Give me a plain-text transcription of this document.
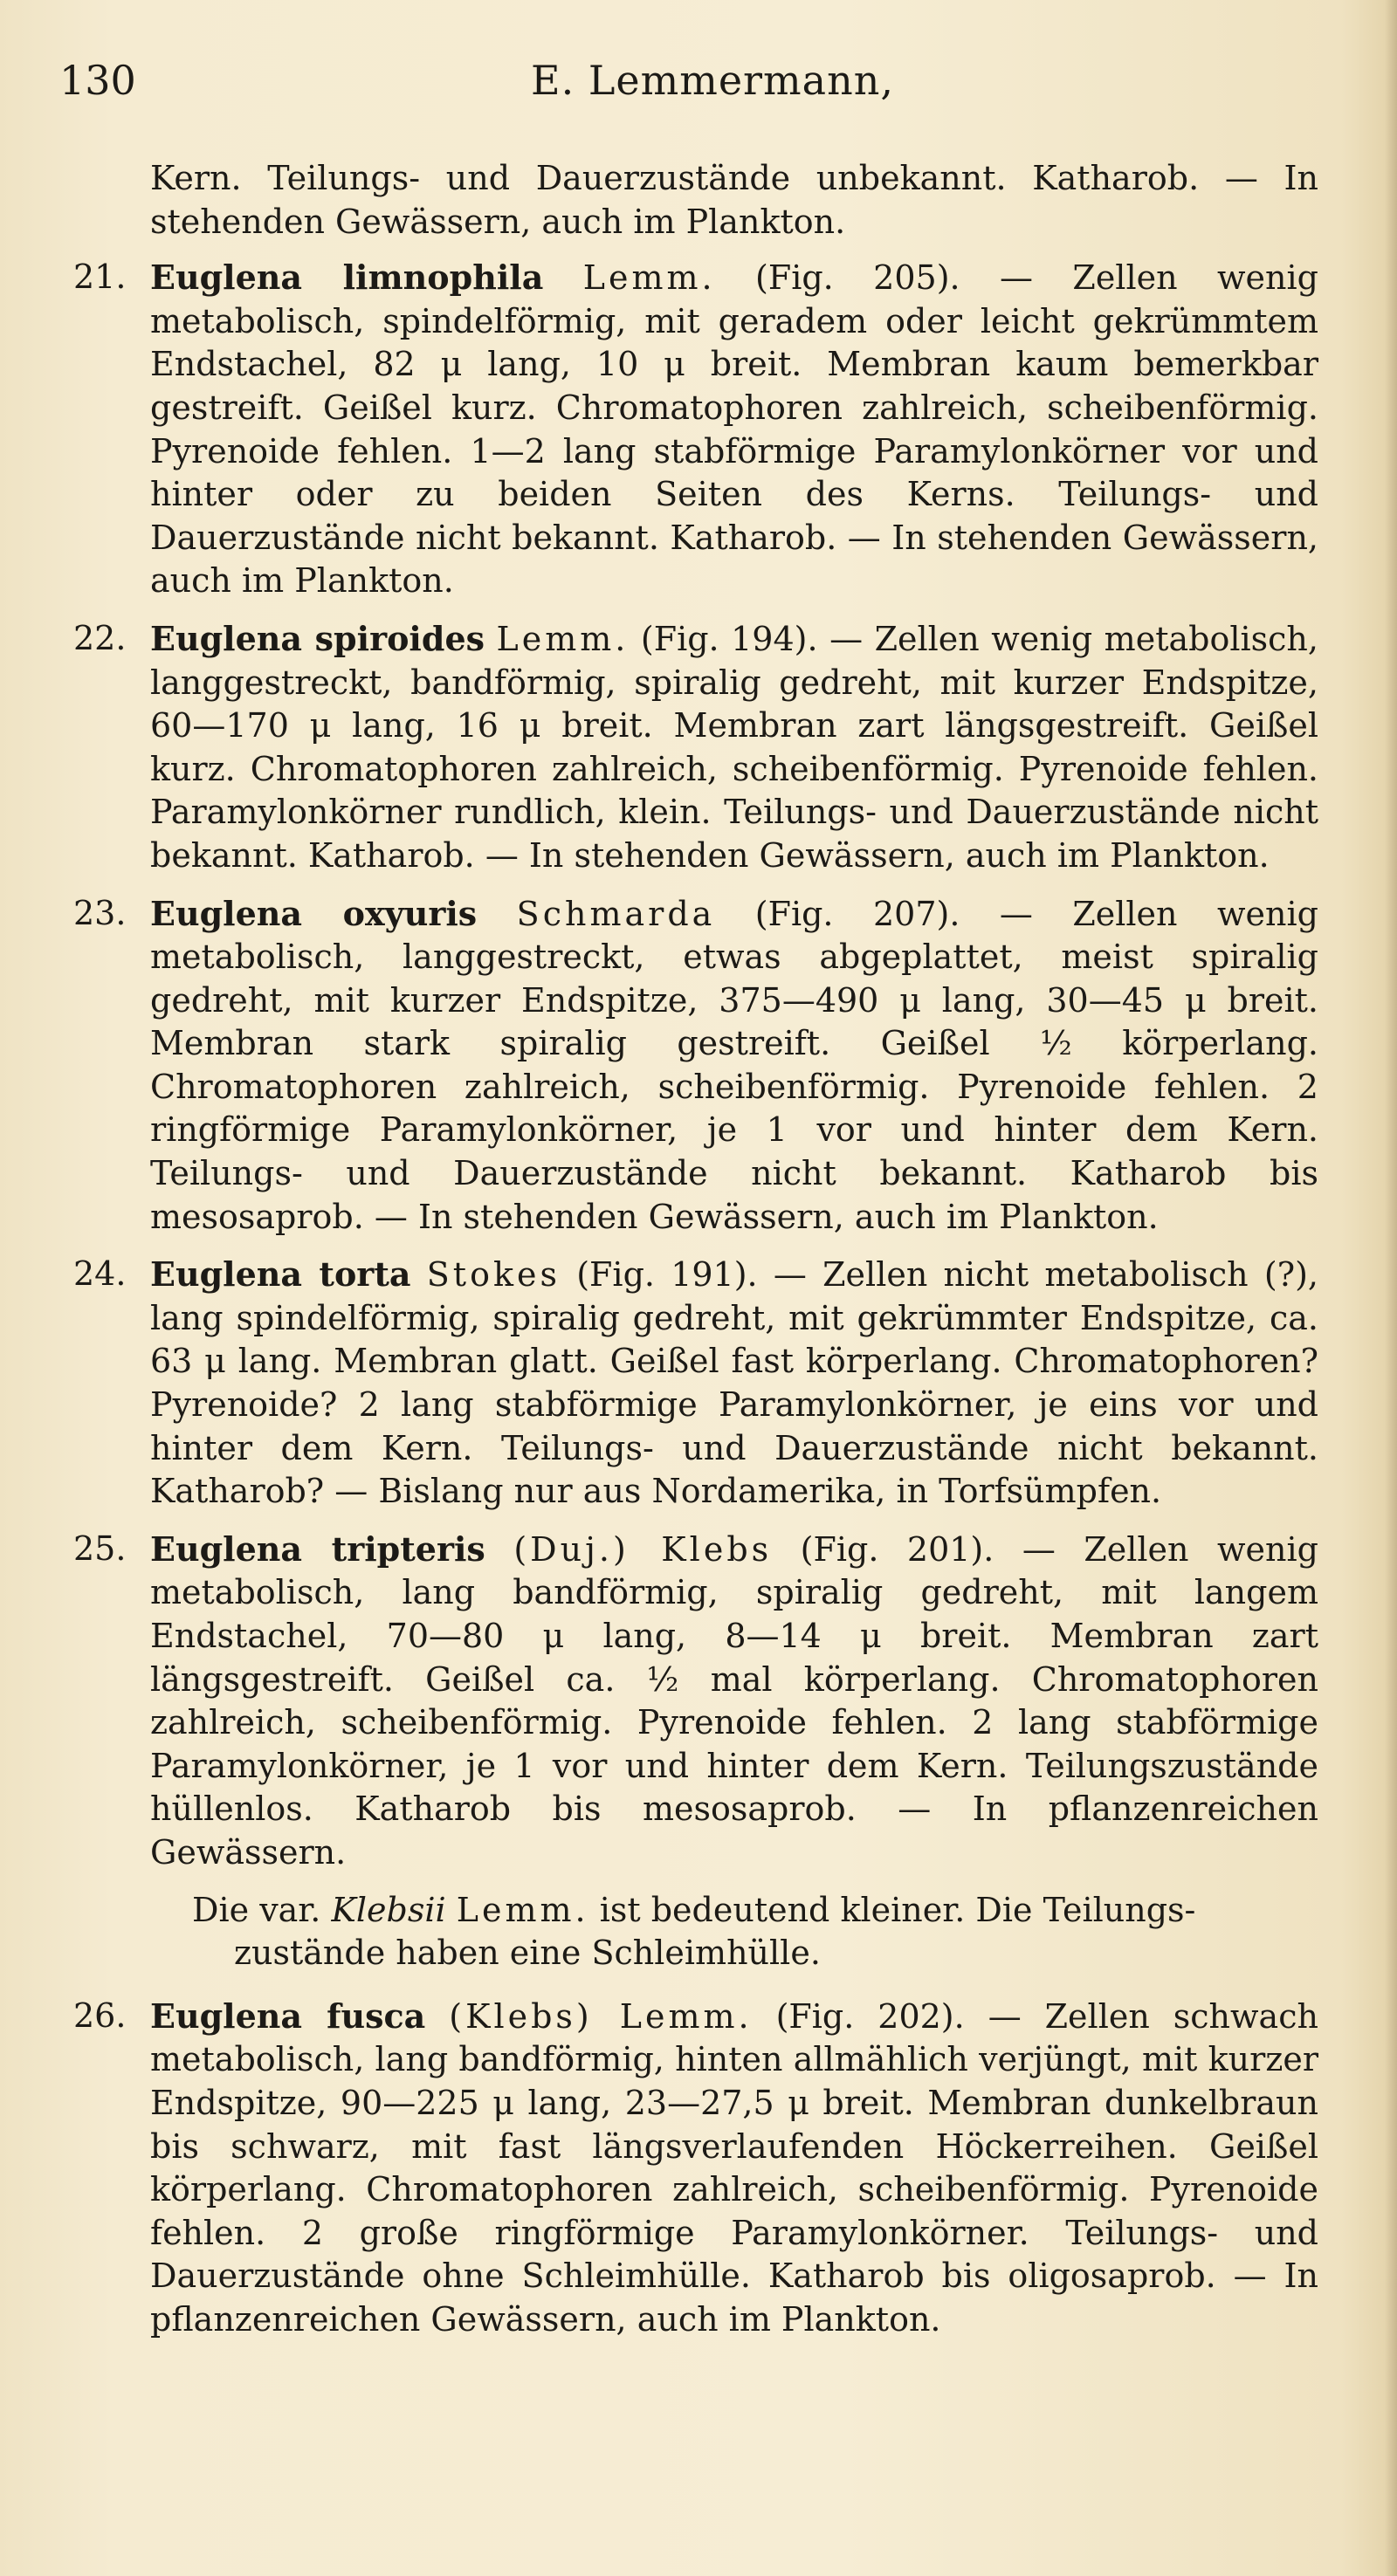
130	E. Lemmermann,

Kern. Teilungs- und Dauerzustände unbekannt. Katharob. — In stehenden Gewässern, auch im Plankton.

21. Euglena limnophila Lemm. (Fig. 205). — Zellen wenig metabolisch, spindelförmig, mit geradem oder leicht gekrümmtem Endstachel, 82 μ lang, 10 μ breit. Membran kaum bemerkbar gestreift. Geißel kurz. Chromatophoren zahlreich, scheibenförmig. Pyrenoide fehlen. 1—2 lang stabförmige Paramylonkörner vor und hinter oder zu beiden Seiten des Kerns. Teilungs- und Dauerzustände nicht bekannt. Katharob. — In stehenden Gewässern, auch im Plankton.
22. Euglena spiroides Lemm. (Fig. 194). — Zellen wenig metabolisch, langgestreckt, bandförmig, spiralig gedreht, mit kurzer Endspitze, 60—170 μ lang, 16 μ breit. Membran zart längsgestreift. Geißel kurz. Chromatophoren zahlreich, scheibenförmig. Pyrenoide fehlen. Paramylonkörner rundlich, klein. Teilungs- und Dauerzustände nicht bekannt. Katharob. — In stehenden Gewässern, auch im Plankton.
23. Euglena oxyuris Schmarda (Fig. 207). — Zellen wenig metabolisch, langgestreckt, etwas abgeplattet, meist spiralig gedreht, mit kurzer Endspitze, 375—490 μ lang, 30—45 μ breit. Membran stark spiralig gestreift. Geißel ½ körperlang. Chromatophoren zahlreich, scheibenförmig. Pyrenoide fehlen. 2 ringförmige Paramylonkörner, je 1 vor und hinter dem Kern. Teilungs- und Dauerzustände nicht bekannt. Katharob bis mesosaprob. — In stehenden Gewässern, auch im Plankton.
24. Euglena torta Stokes (Fig. 191). — Zellen nicht metabolisch (?), lang spindelförmig, spiralig gedreht, mit gekrümmter Endspitze, ca. 63 μ lang. Membran glatt. Geißel fast körperlang. Chromatophoren? Pyrenoide? 2 lang stabförmige Paramylonkörner, je eins vor und hinter dem Kern. Teilungs- und Dauerzustände nicht bekannt. Katharob? — Bislang nur aus Nordamerika, in Torfsümpfen.
25. Euglena tripteris (Duj.) Klebs (Fig. 201). — Zellen wenig metabolisch, lang bandförmig, spiralig gedreht, mit langem Endstachel, 70—80 μ lang, 8—14 μ breit. Membran zart längsgestreift. Geißel ca. ½ mal körperlang. Chromatophoren zahlreich, scheibenförmig. Pyrenoide fehlen. 2 lang stabförmige Paramylonkörner, je 1 vor und hinter dem Kern. Teilungszustände hüllenlos. Katharob bis mesosaprob. — In pflanzenreichen Gewässern.
Die var. Klebsii Lemm. ist bedeutend kleiner. Die Teilungs-
zustände haben eine Schleimhülle.
26. Euglena fusca (Klebs) Lemm. (Fig. 202). — Zellen schwach metabolisch, lang bandförmig, hinten allmählich verjüngt, mit kurzer Endspitze, 90—225 μ lang, 23—27,5 μ breit. Membran dunkelbraun bis schwarz, mit fast längsverlaufenden Höckerreihen. Geißel körperlang. Chromatophoren zahlreich, scheibenförmig. Pyrenoide fehlen. 2 große ringförmige Paramylonkörner. Teilungs- und Dauerzustände ohne Schleimhülle. Katharob bis oligosaprob. — In pflanzenreichen Gewässern, auch im Plankton.
